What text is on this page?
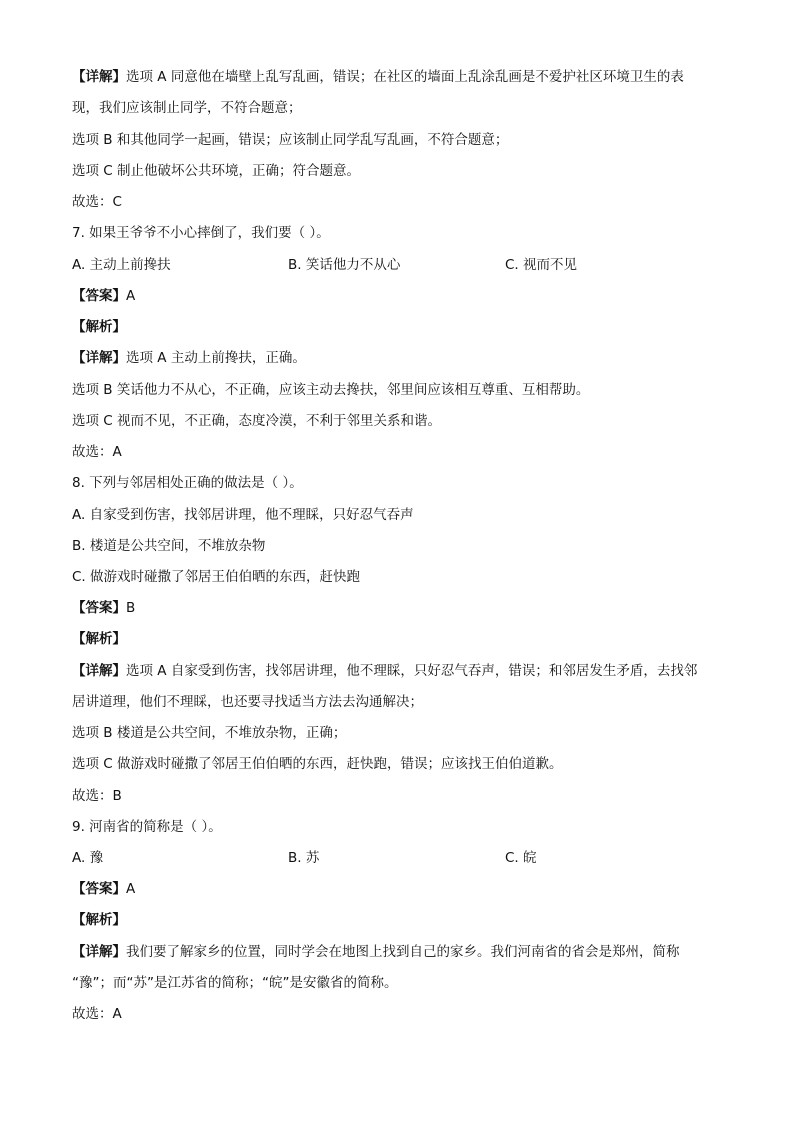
【详解】选项 A 同意他在墙壁上乱写乱画，错误；在社区的墙面上乱涂乱画是不爱护社区环境卫生的表
现，我们应该制止同学，不符合题意；
选项 B 和其他同学一起画，错误；应该制止同学乱写乱画，不符合题意；
选项 C 制止他破坏公共环境，正确；符合题意。
故选：C
7. 如果王爷爷不小心摔倒了，我们要（ ）。
A. 主动上前搀扶	B. 笑话他力不从心	C. 视而不见
【答案】A
【解析】
【详解】选项 A 主动上前搀扶，正确。
选项 B 笑话他力不从心，不正确，应该主动去搀扶，邻里间应该相互尊重、互相帮助。
选项 C 视而不见，不正确，态度冷漠，不利于邻里关系和谐。
故选：A
8. 下列与邻居相处正确的做法是（ ）。
A. 自家受到伤害，找邻居讲理，他不理睬，只好忍气吞声
B. 楼道是公共空间，不堆放杂物
C. 做游戏时碰撒了邻居王伯伯晒的东西，赶快跑
【答案】B
【解析】
【详解】选项 A 自家受到伤害，找邻居讲理，他不理睬，只好忍气吞声，错误；和邻居发生矛盾，去找邻
居讲道理，他们不理睬，也还要寻找适当方法去沟通解决；
选项 B 楼道是公共空间，不堆放杂物，正确；
选项 C 做游戏时碰撒了邻居王伯伯晒的东西，赶快跑，错误；应该找王伯伯道歉。
故选：B
9. 河南省的简称是（ ）。
A. 豫	B. 苏	C. 皖
【答案】A
【解析】
【详解】我们要了解家乡的位置，同时学会在地图上找到自己的家乡。我们河南省的省会是郑州，简称
“豫”；而“苏”是江苏省的简称；“皖”是安徽省的简称。
故选：A
